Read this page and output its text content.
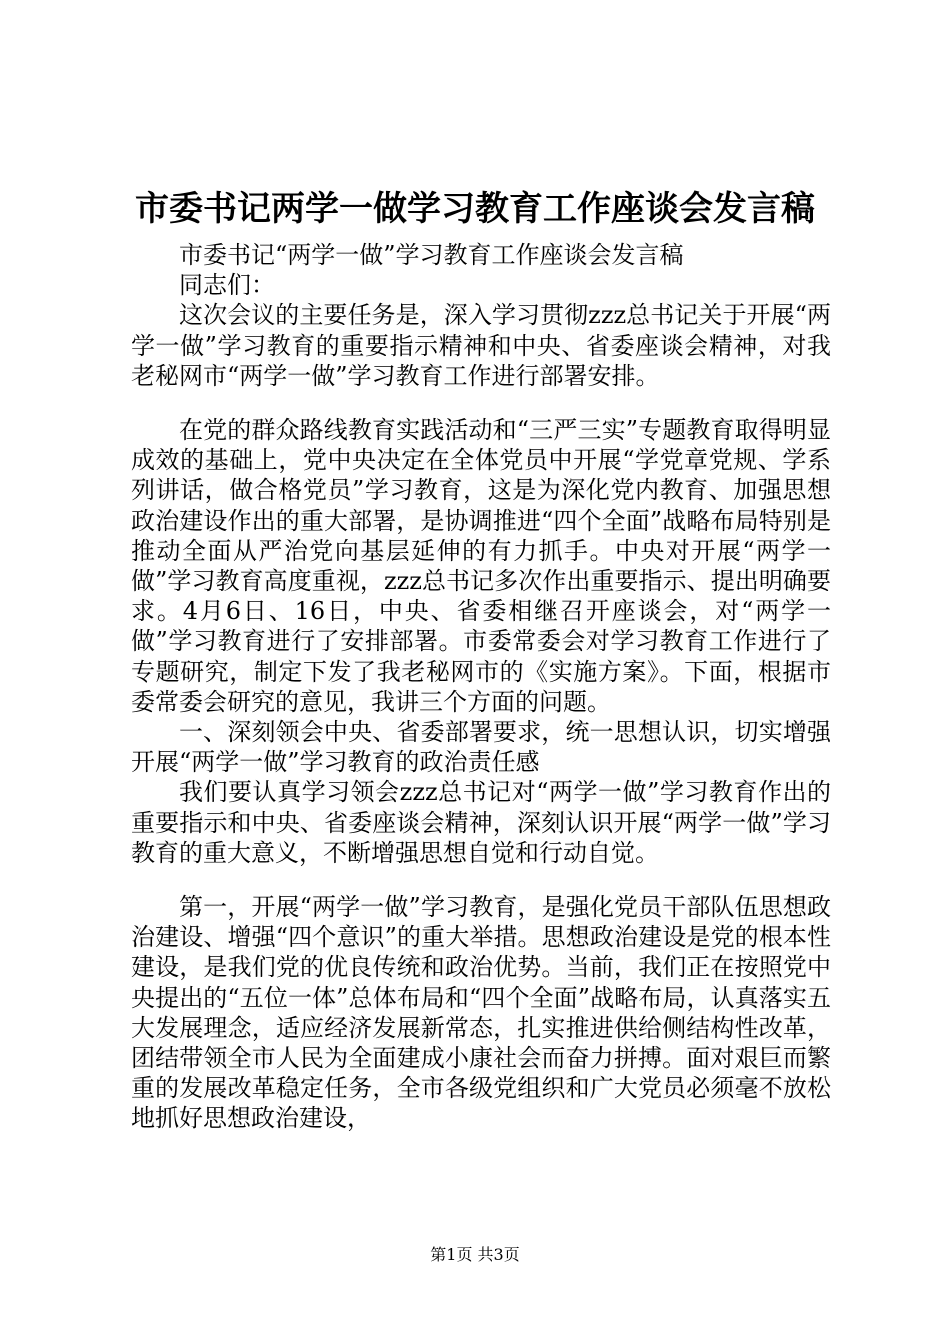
市委书记两学一做学习教育工作座谈会发言稿

市委书记“两学一做”学习教育工作座谈会发言稿

同志们：

这次会议的主要任务是，深入学习贯彻zzz总书记关于开展“两学一做”学习教育的重要指示精神和中央、省委座谈会精神，对我老秘网市“两学一做”学习教育工作进行部署安排。

在党的群众路线教育实践活动和“三严三实”专题教育取得明显成效的基础上，党中央决定在全体党员中开展“学党章党规、学系列讲话，做合格党员”学习教育，这是为深化党内教育、加强思想政治建设作出的重大部署，是协调推进“四个全面”战略布局特别是推动全面从严治党向基层延伸的有力抓手。中央对开展“两学一做”学习教育高度重视，zzz总书记多次作出重要指示、提出明确要求。4月6日、16日，中央、省委相继召开座谈会，对“两学一做”学习教育进行了安排部署。市委常委会对学习教育工作进行了专题研究，制定下发了我老秘网市的《实施方案》。下面，根据市委常委会研究的意见，我讲三个方面的问题。

一、深刻领会中央、省委部署要求，统一思想认识，切实增强开展“两学一做”学习教育的政治责任感

我们要认真学习领会zzz总书记对“两学一做”学习教育作出的重要指示和中央、省委座谈会精神，深刻认识开展“两学一做”学习教育的重大意义，不断增强思想自觉和行动自觉。

第一，开展“两学一做”学习教育，是强化党员干部队伍思想政治建设、增强“四个意识”的重大举措。思想政治建设是党的根本性建设，是我们党的优良传统和政治优势。当前，我们正在按照党中央提出的“五位一体”总体布局和“四个全面”战略布局，认真落实五大发展理念，适应经济发展新常态，扎实推进供给侧结构性改革，团结带领全市人民为全面建成小康社会而奋力拼搏。面对艰巨而繁重的发展改革稳定任务，全市各级党组织和广大党员必须毫不放松地抓好思想政治建设，

第1页 共3页
